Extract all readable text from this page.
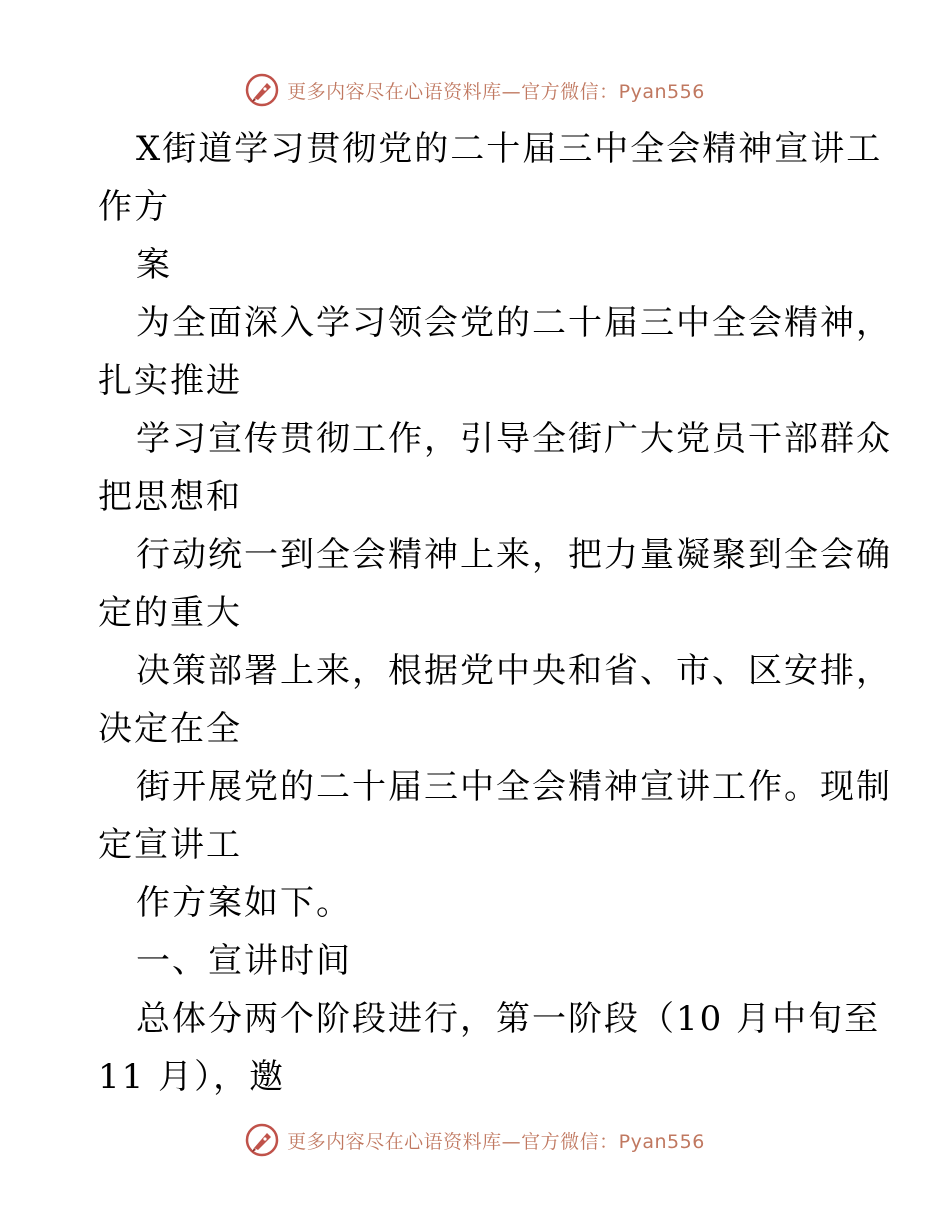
更多内容尽在心语资料库—官方微信：Pyan556
X街道学习贯彻党的二十届三中全会精神宣讲工
作方
案
为全面深入学习领会党的二十届三中全会精神，
扎实推进
学习宣传贯彻工作，引导全街广大党员干部群众
把思想和
行动统一到全会精神上来，把力量凝聚到全会确
定的重大
决策部署上来，根据党中央和省、市、区安排，
决定在全
街开展党的二十届三中全会精神宣讲工作。现制
定宣讲工
作方案如下。
一、宣讲时间
总体分两个阶段进行，第一阶段（10 月中旬至
11 月），邀
更多内容尽在心语资料库—官方微信：Pyan556
